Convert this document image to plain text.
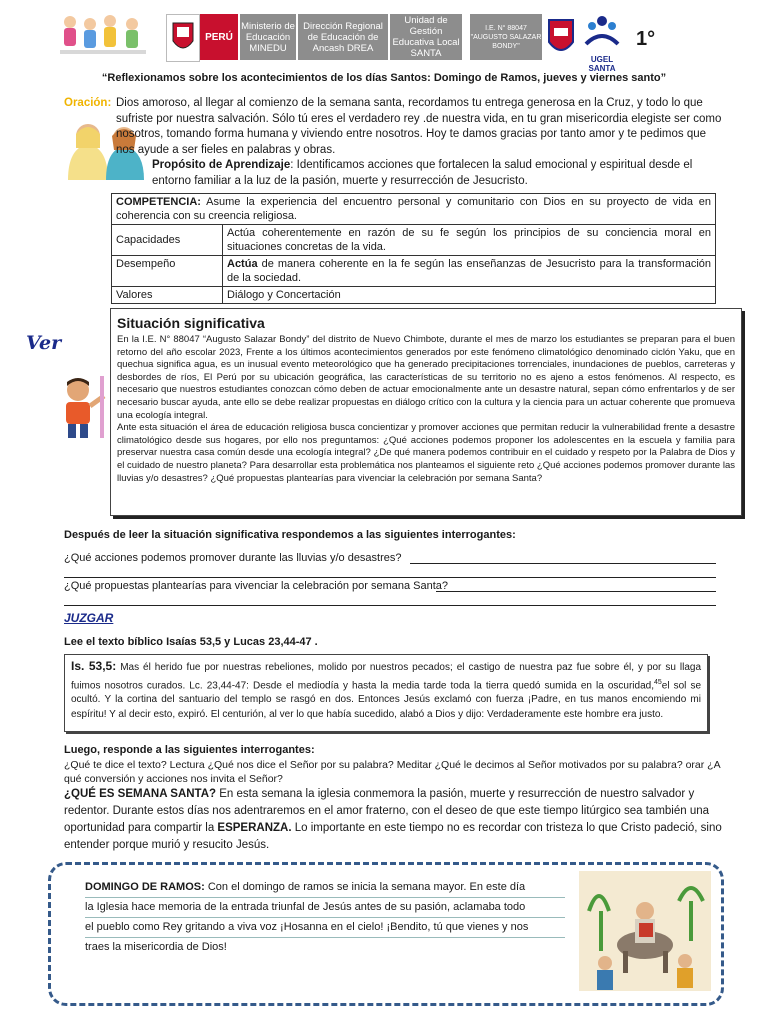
PERÚ
Ministerio de Educación MINEDU
Dirección Regional de Educación de Ancash DREA
Unidad de Gestión Educativa Local SANTA
I.E. N° 88047 "AUGUSTO SALAZAR BONDY"
UGEL SANTA
1°
“Reflexionamos sobre los acontecimientos de los días Santos: Domingo de Ramos, jueves y viernes santo”
Oración: Dios amoroso, al llegar al comienzo de la semana santa, recordamos tu entrega generosa en la Cruz, y todo lo que sufriste por nuestra salvación. Sólo tú eres el verdadero rey .de nuestra vida, en tu gran misericordia elegiste ser como nosotros, tomando forma humana y viviendo entre nosotros. Hoy te damos gracias por tanto amor y te pedimos que nos ayude a ser fieles en palabras y obras.
Propósito de Aprendizaje: Identificamos acciones que fortalecen la salud emocional y espiritual desde el entorno familiar a la luz de la pasión, muerte y resurrección de Jesucristo.
COMPETENCIA: Asume la experiencia del encuentro personal y comunitario con Dios en su proyecto de vida en coherencia con su creencia religiosa.	
Capacidades	Actúa coherentemente en razón de su fe según los principios de su conciencia moral en situaciones concretas de la vida.
Desempeño	Actúa de manera coherente en la fe según las enseñanzas de Jesucristo para la transformación de la sociedad.
Valores	Diálogo y Concertación
Ver
Situación significativa
En la I.E. N° 88047 “Augusto Salazar Bondy” del distrito de Nuevo Chimbote, durante el mes de marzo los estudiantes se preparan para el buen retorno del año escolar 2023, Frente a los últimos acontecimientos generados por este fenómeno climatológico denominado ciclón Yaku, que en quechua significa agua, es un inusual evento meteorológico que ha generado precipitaciones torrenciales, inundaciones de pueblos, carreteras y desbordes de ríos, El Perú por su ubicación geográfica, las características de su territorio no es ajeno a estos fenómenos. Al respecto, es necesario que nuestros estudiantes conozcan cómo deben de actuar emocionalmente ante un desastre natural, sepan cómo enfrentarlos y de ser necesario buscar ayuda, ante ello se debe realizar propuestas en diálogo crítico con la cultura y la ciencia para un actuar coherente que promueva una ecología integral.
Ante esta situación el área de educación religiosa busca concientizar y promover acciones que permitan reducir la vulnerabilidad frente a desastre climatológico desde sus hogares, por ello nos preguntamos: ¿Qué acciones podemos proponer los adolescentes en la escuela y familia para preservar nuestra casa común desde una ecología integral? ¿De qué manera podemos contribuir en el cuidado y respeto por la Palabra de Dios y el cuidado de nuestro planeta? Para desarrollar esta problemática nos planteamos el siguiente reto ¿Qué acciones podemos promover durante las lluvias y/o desastres? ¿Qué propuestas plantearías para vivenciar la celebración por semana Santa?
Después de leer la situación significativa respondemos a las siguientes interrogantes:
¿Qué acciones podemos promover durante las lluvias y/o desastres?
¿Qué propuestas plantearías para vivenciar la celebración por semana Santa?
JUZGAR
Lee el texto bíblico Isaías 53,5 y Lucas 23,44-47 .
Is. 53,5: Mas él herido fue por nuestras rebeliones, molido por nuestros pecados; el castigo de nuestra paz fue sobre él, y por su llaga fuimos nosotros curados. Lc. 23,44-47: Desde el mediodía y hasta la media tarde toda la tierra quedó sumida en la oscuridad,$^{45}$el sol se ocultó. Y la cortina del santuario del templo se rasgó en dos. Entonces Jesús exclamó con fuerza ¡Padre, en tus manos encomiendo mi espíritu! Y al decir esto, expiró. El centurión, al ver lo que había sucedido, alabó a Dios y dijo: Verdaderamente este hombre era justo.
Luego, responde a las siguientes interrogantes:
¿Qué te dice el texto? Lectura ¿Qué nos dice el Señor por su palabra? Meditar ¿Qué le decimos al Señor motivados por su palabra? orar ¿A qué conversión y acciones nos invita el Señor?
¿QUÉ ES SEMANA SANTA? En esta semana la iglesia conmemora la pasión, muerte y resurrección de nuestro salvador y redentor. Durante estos días nos adentraremos en el amor fraterno, con el deseo de que este tiempo litúrgico sea también una oportunidad para compartir la ESPERANZA. Lo importante en este tiempo no es recordar con tristeza lo que Cristo padeció, sino entender porque murió y resucito Jesús.
DOMINGO DE RAMOS: Con el domingo de ramos se inicia la semana mayor. En este día
la Iglesia hace memoria de la entrada triunfal de Jesús antes de su pasión, aclamaba todo
el pueblo como Rey gritando a viva voz ¡Hosanna en el cielo! ¡Bendito, tú que vienes y nos
traes la misericordia de Dios!
